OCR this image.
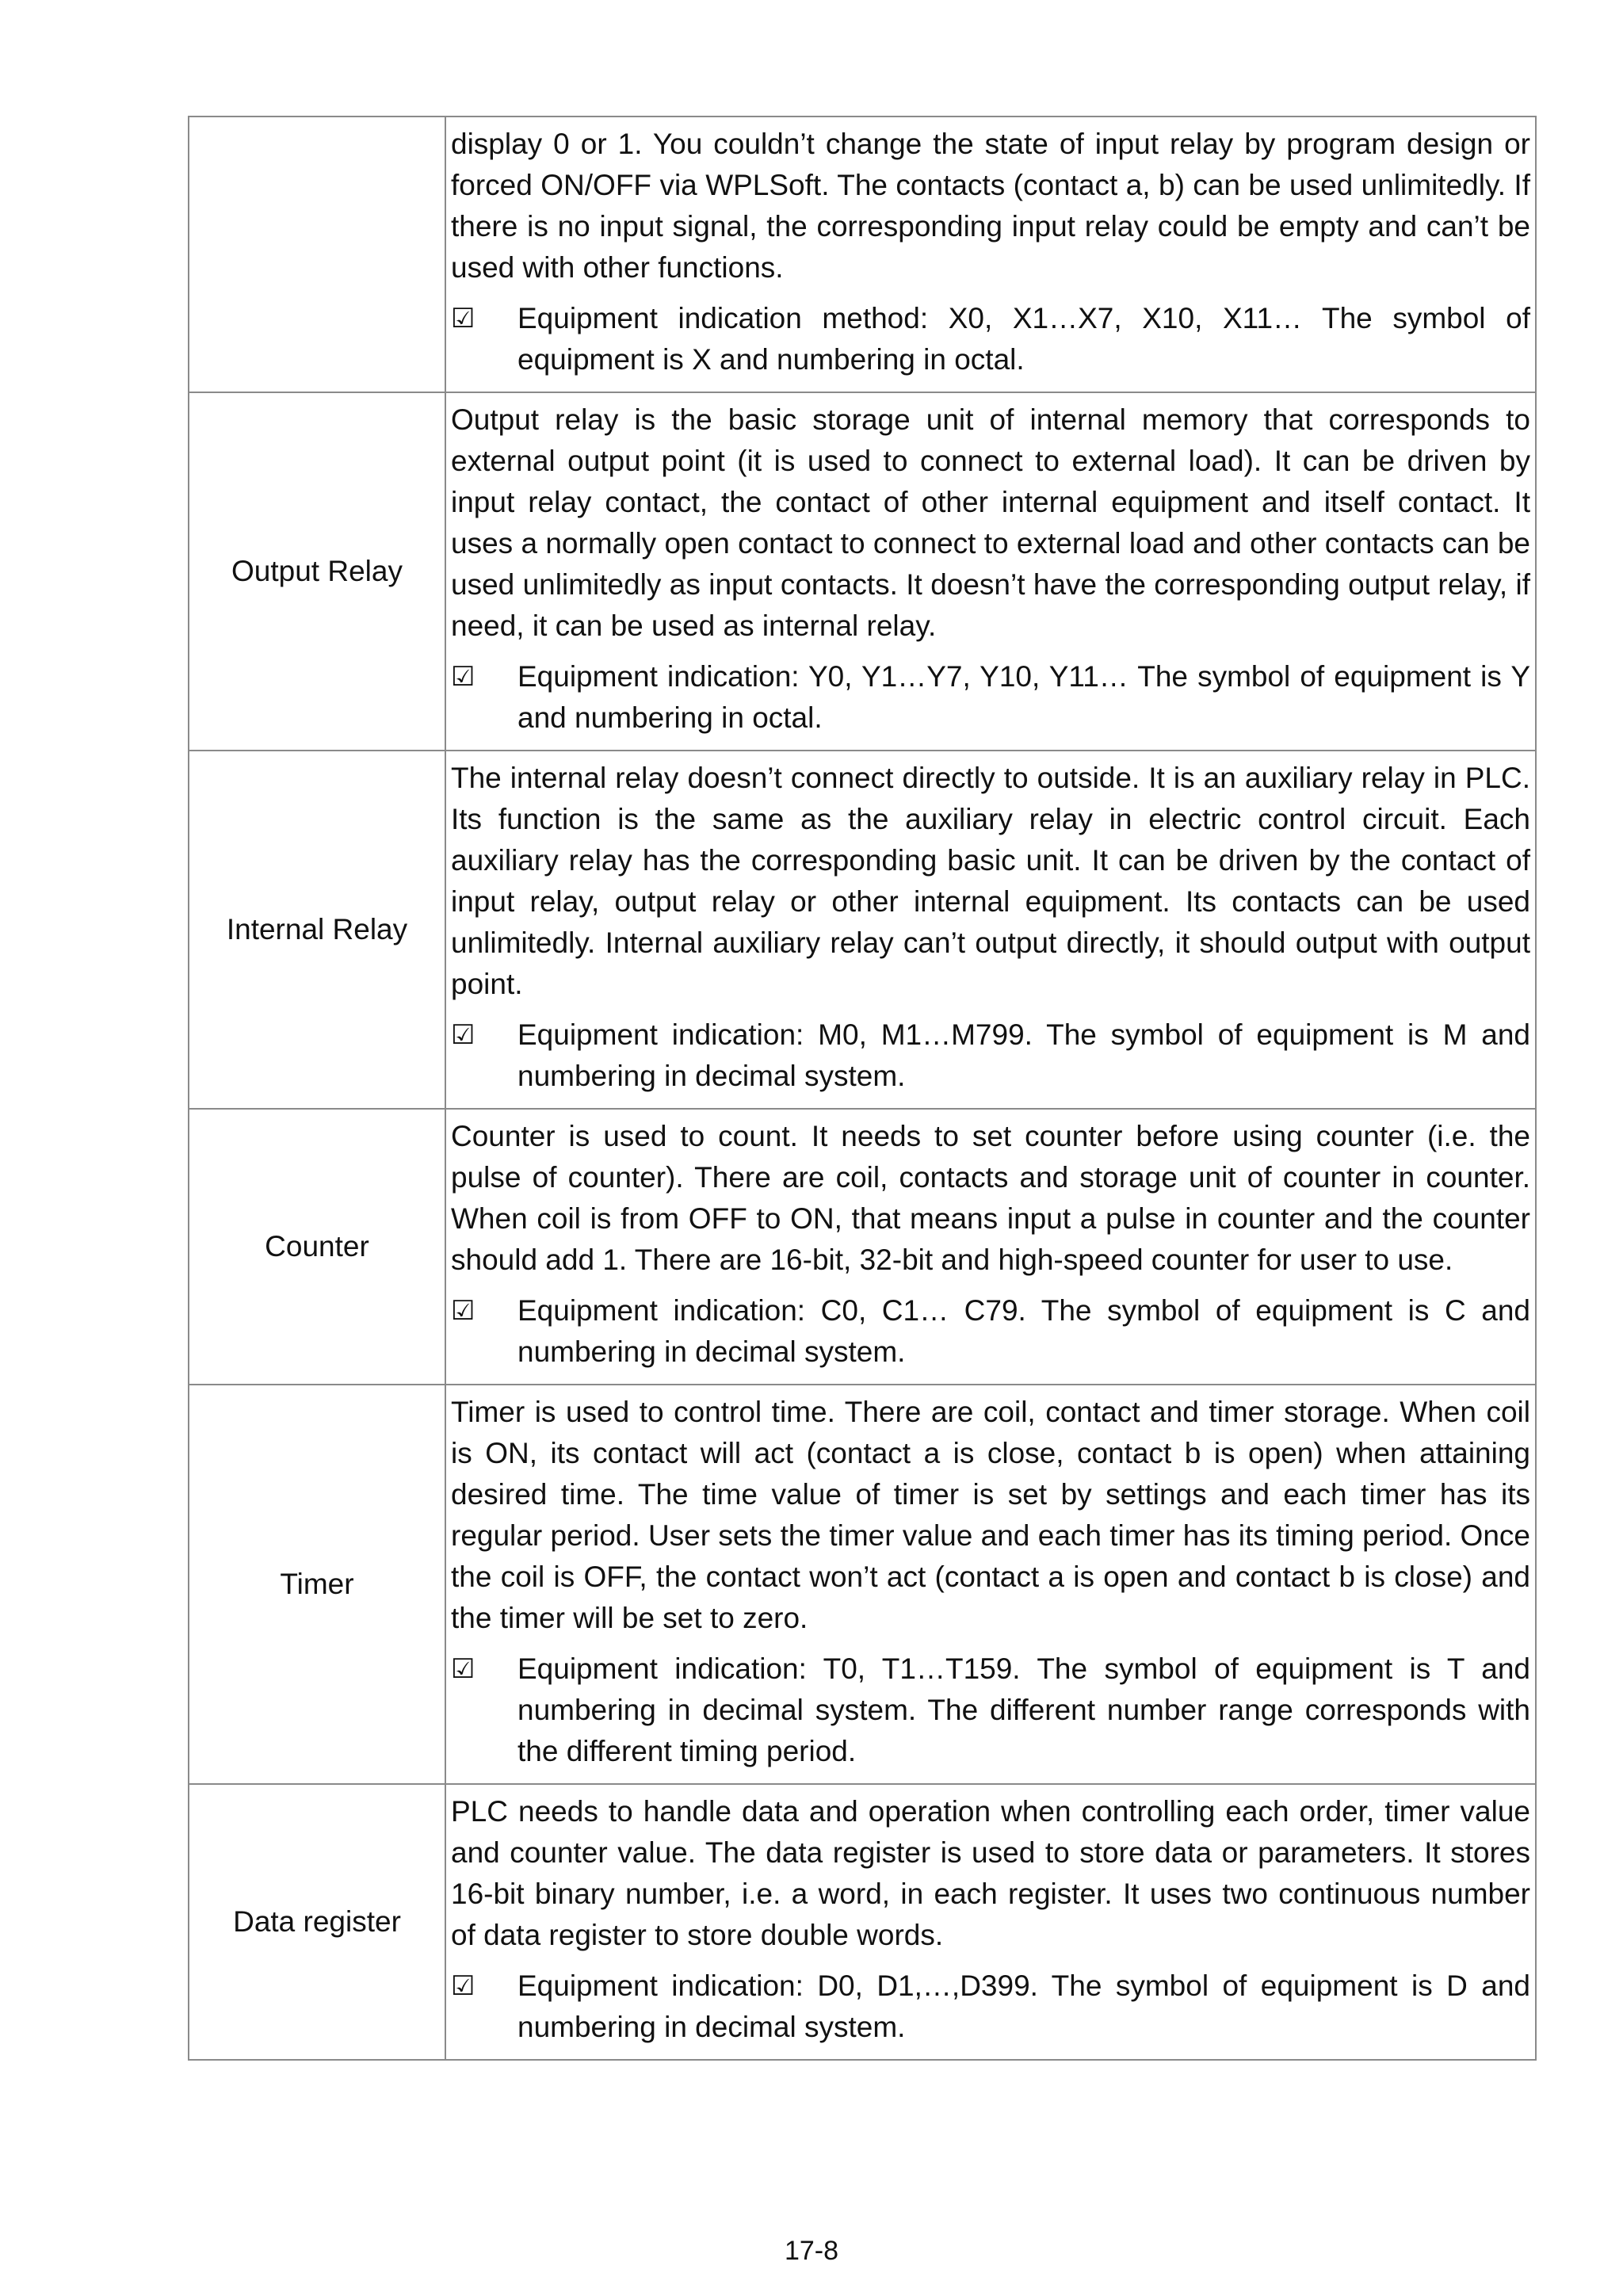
	display 0 or 1. You couldn’t change the state of input relay by program design or forced ON/OFF via WPLSoft. The contacts (contact a, b) can be used unlimitedly. If there is no input signal, the corresponding input relay could be empty and can’t be used with other functions.

☑ Equipment indication method: X0, X1…X7, X10, X11… The symbol of equipment is X and numbering in octal.

Output Relay	Output relay is the basic storage unit of internal memory that corresponds to external output point (it is used to connect to external load). It can be driven by input relay contact, the contact of other internal equipment and itself contact. It uses a normally open contact to connect to external load and other contacts can be used unlimitedly as input contacts. It doesn’t have the corresponding output relay, if need, it can be used as internal relay.

☑ Equipment indication: Y0, Y1…Y7, Y10, Y11… The symbol of equipment is Y and numbering in octal.

Internal Relay	The internal relay doesn’t connect directly to outside. It is an auxiliary relay in PLC. Its function is the same as the auxiliary relay in electric control circuit. Each auxiliary relay has the corresponding basic unit. It can be driven by the contact of input relay, output relay or other internal equipment. Its contacts can be used unlimitedly. Internal auxiliary relay can’t output directly, it should output with output point.

☑ Equipment indication: M0, M1…M799. The symbol of equipment is M and numbering in decimal system.

Counter	Counter is used to count. It needs to set counter before using counter (i.e. the pulse of counter). There are coil, contacts and storage unit of counter in counter. When coil is from OFF to ON, that means input a pulse in counter and the counter should add 1. There are 16-bit, 32-bit and high-speed counter for user to use.

☑ Equipment indication: C0, C1… C79. The symbol of equipment is C and numbering in decimal system.

Timer	Timer is used to control time. There are coil, contact and timer storage. When coil is ON, its contact will act (contact a is close, contact b is open) when attaining desired time. The time value of timer is set by settings and each timer has its regular period. User sets the timer value and each timer has its timing period. Once the coil is OFF, the contact won’t act (contact a is open and contact b is close) and the timer will be set to zero.

☑ Equipment indication: T0, T1…T159. The symbol of equipment is T and numbering in decimal system. The different number range corresponds with the different timing period.

Data register	PLC needs to handle data and operation when controlling each order, timer value and counter value. The data register is used to store data or parameters. It stores 16-bit binary number, i.e. a word, in each register. It uses two continuous number of data register to store double words.

☑ Equipment indication: D0, D1,…,D399. The symbol of equipment is D and numbering in decimal system.
17-8
